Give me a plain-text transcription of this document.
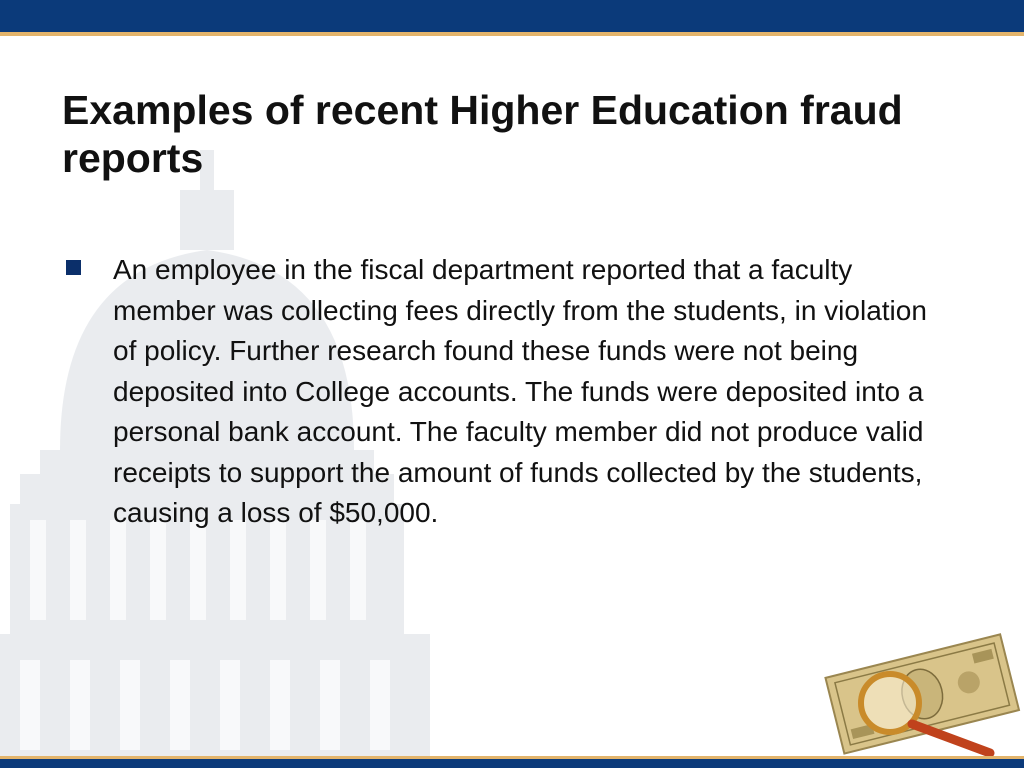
Examples of recent Higher Education fraud reports

An employee in the fiscal department reported that a faculty member was collecting fees directly from the students, in violation of policy. Further research found these funds were not being deposited into College accounts. The funds were deposited into a personal bank account. The faculty member did not produce valid receipts to support the amount of funds collected by the students, causing a loss of $50,000.
